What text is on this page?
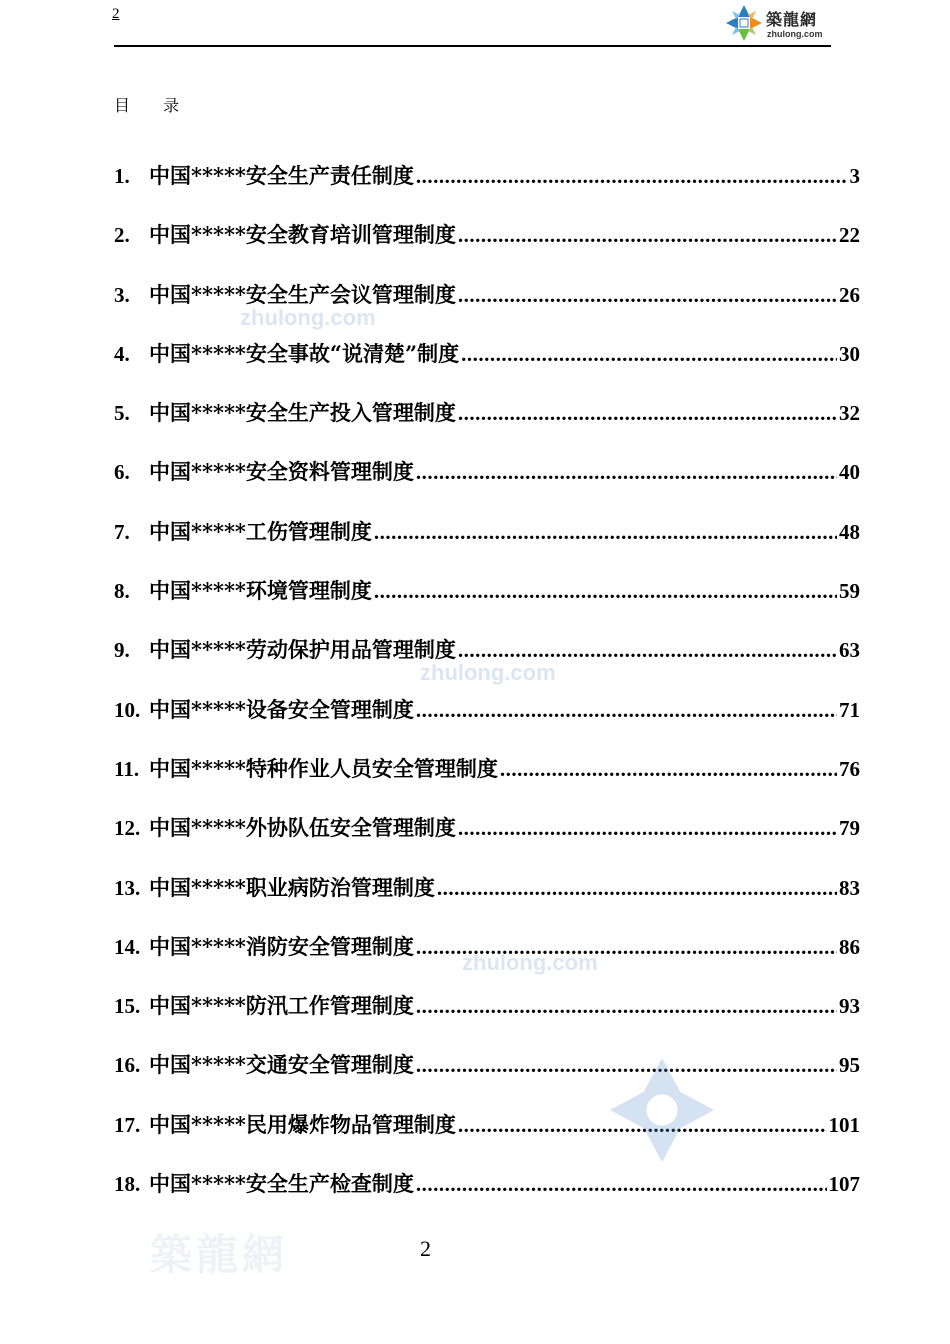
2	築龍網
zhulong.com
目 录
1. 中国*****安全生产责任制度 .....	3
2. 中国*****安全教育培训管理制度 .....	22
3. 中国*****安全生产会议管理制度 .....	26
4. 中国*****安全事故“说清楚”制度 .....	30
5. 中国*****安全生产投入管理制度 .....	32
6. 中国*****安全资料管理制度 .....	40
7. 中国*****工伤管理制度 .....	48
8. 中国*****环境管理制度 .....	59
9. 中国*****劳动保护用品管理制度 .....	63
10. 中国*****设备安全管理制度 .....	71
11. 中国*****特种作业人员安全管理制度 .....	76
12. 中国*****外协队伍安全管理制度 .....	79
13. 中国*****职业病防治管理制度 .....	83
14. 中国*****消防安全管理制度 .....	86
15. 中国*****防汛工作管理制度 .....	93
16. 中国*****交通安全管理制度 .....	95
17. 中国*****民用爆炸物品管理制度 .....	101
18. 中国*****安全生产检查制度 .....	107
zhulong.com
zhulong.com
zhulong.com
築龍網	2
